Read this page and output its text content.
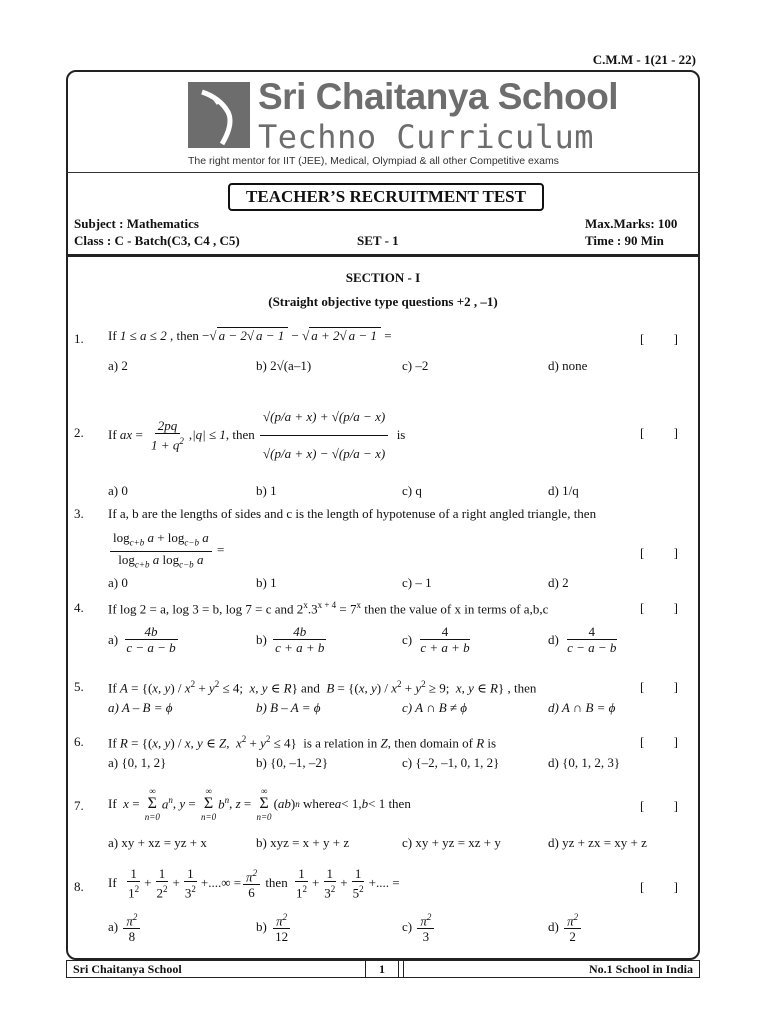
C.M.M - 1(21 - 22)
Sri Chaitanya School
Techno Curriculum
The right mentor for IIT (JEE), Medical, Olympiad & all other Competitive exams
TEACHER’S RECRUITMENT TEST
Subject : Mathematics
Class : C - Batch(C3, C4 , C5)	SET - 1
Max.Marks: 100
Time : 90 Min
SECTION - I
(Straight objective type questions +2 , –1)
1. If 1 ≤ a ≤ 2 , then −√ a − 2√ a − 1 − √ a + 2√ a − 1 =	[ ]
a) 2	b) 2√(a–1)	c) –2	d) none
2. If
ax = $\frac{2pq}{1 + q^2}$ , |q| ≤ 1 , then $\frac{√(p/a + x) + √(p/a - x)}{√(p/a + x) - √(p/a - x)}$
is	[ ]
a) 0	b) 1	c) q	d) 1/q
3. If a, b are the lengths of sides and c is the length of hypotenuse of a right angled triangle, then
$\frac{\log_{c+b} a + \log_{c-b} a}{\log_{c+b} a \log_{c-b} a}$ =	[ ]
a) 0	b) 1	c) – 1	d) 2
4. If log 2 = a, log 3 = b, log 7 = c and $2^x.3^{x + 4} = 7^x$ then the value of x in terms of a,b,c	[ ]
a)
$\frac{4b}{c - a - b}$	b)
$\frac{4b}{c + a + b}$	c)
$\frac{4}{c + a + b}$	d)
$\frac{4}{c - a - b}$
5. If A = {(x, $y) / x^2 + y^2 \le 4$;  x, y ∈ R} and  B = {(x, $y) / x^2 + y^2 \ge 9$;  x, y ∈ R} , then	[ ]
a) A – B = ϕ	b) B – A = ϕ	c) A ∩ B ≠ ϕ	d) A ∩ B = ϕ
6. If R = {(x, y) / x, y ∈ Z,  $x^2 + y^2 \le 4$}  is a relation in Z, then domain of R is	[ ]
a) {0, 1, 2}	b) {0, –1, –2}	c) {–2, –1, 0, 1, 2}	d) {0, 1, 2, 3}
7. If
x =
∞
Σ
n=0
$a^n$ , y =
∞
Σ
n=0
$b^n$ , z =
∞
Σ
n=0
( ab ) n where a < 1, b < 1 then	[ ]
a) xy + xz = yz + x	b) xyz = x + y + z	c) xy + yz = xz + y	d) yz + zx = xy + z
8. If
$\frac{1}{1^2} + \frac{1}{2^2} + \frac{1}{3^2}$ +....∞ = $\frac{\pi^2}{6}$ then $\frac{1}{1^2} + \frac{1}{3^2} + \frac{1}{5^2}$ +.... =	[ ]
a)
$\frac{\pi^2}{8}$	b)
$\frac{\pi^2}{12}$	c)
$\frac{\pi^2}{3}$	d)
$\frac{\pi^2}{2}$
Sri Chaitanya School	1	No.1 School in India
